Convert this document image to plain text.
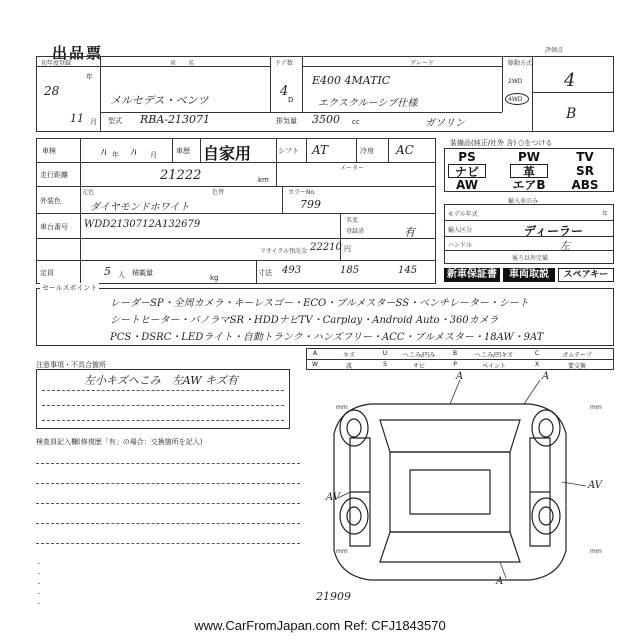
出品票
初年度登録
28
年
11 月
車　　名
メルセデス・ベンツ
型式 RBA-213071
ドア数
4
D
グレード
E400 4MATIC
エクスクルーシブ仕様
駆動方式
2WD
4WD
評価点
4
B
排気量 3500 cc	ガソリン
車検	ﾊ 年 ﾊ 月	車歴 自家用	シフト AT	冷房 AC
走行距離
メーター
21222	km
外装色
元色	色替
ダイヤモンドホワイト
カラーNo.
799
車台番号 WDD2130712A132679	名変
登録済	有
リサイクル預託金 22210 円
定員	5 人 積載量
kg
寸法 493	185	145
装備品(純正/社外 含) ○をつける
PS	PW	TV
ナビ	革	SR
AW	エアB	ABS
モデル年式	年
輸入車のみ
輸入区分	ディーラー
ハンドル	左
後ろ以外完備
新車保証書	車両取説	スペアキー
セールスポイント
レーダーSP・全周カメラ・キーレスゴー・ECO・ブルメスターSS・ベンチレーター・シート
シートヒーター・パノラマSR・HDDナビTV・Carplay・Android Auto・360カメラ
PCS・DSRC・LEDライト・自動トランク・ハンズフリー・ACC・ブルメスター・18AW・9AT
注意事項・不具合箇所
左小キズへこみ　左AW キズ有
検査員記入欄(修復歴「有」の場合：交換箇所を記入)
・
・
・
・
・
A	キズ	U	へこみ/凹み	B	へこみ/凹キズ	C	ガムテープ
W	波	S	サビ	P	ペイント	X	要交換
mm	mm
mm	mm
A	A
AV
AV
A
21909
www.CarFromJapan.com Ref: CFJ1843570
